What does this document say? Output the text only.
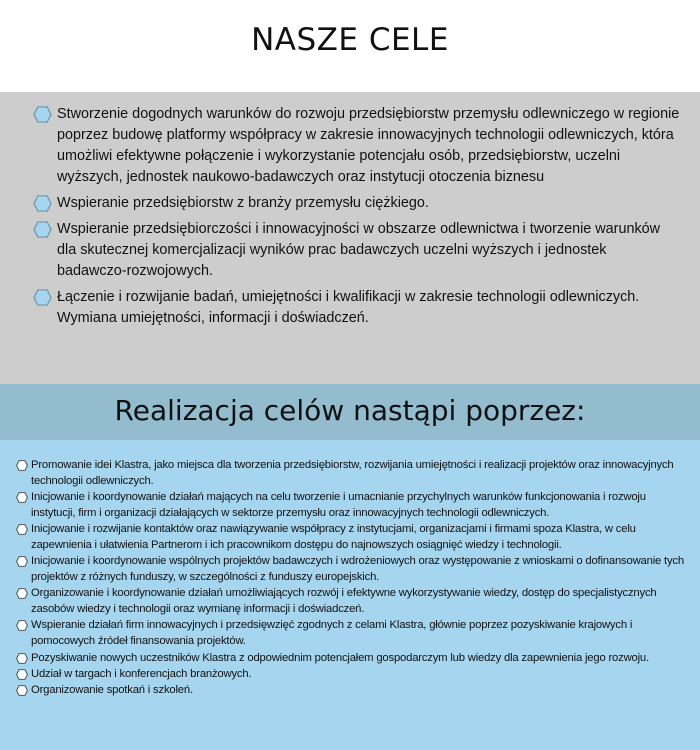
NASZE CELE
Stworzenie dogodnych warunków do rozwoju przedsiębiorstw przemysłu odlewniczego w regionie poprzez budowę platformy współpracy w zakresie innowacyjnych technologii odlewniczych, która umożliwi efektywne połączenie i wykorzystanie potencjału osób, przedsiębiorstw, uczelni wyższych, jednostek naukowo-badawczych oraz instytucji otoczenia biznesu
Wspieranie przedsiębiorstw z branży przemysłu ciężkiego.
Wspieranie przedsiębiorczości i innowacyjności w obszarze odlewnictwa i tworzenie warunków dla skutecznej komercjalizacji wyników prac badawczych uczelni wyższych i jednostek badawczo-rozwojowych.
Łączenie i rozwijanie badań, umiejętności i kwalifikacji w zakresie technologii odlewniczych. Wymiana umiejętności, informacji i doświadczeń.
Realizacja celów nastąpi poprzez:
Promowanie idei Klastra, jako miejsca dla tworzenia przedsiębiorstw, rozwijania umiejętności i realizacji projektów oraz innowacyjnych technologii odlewniczych.
Inicjowanie i koordynowanie działań mających na celu tworzenie i umacnianie przychylnych warunków funkcjonowania i rozwoju instytucji, firm i organizacji działających w sektorze przemysłu oraz innowacyjnych technologii odlewniczych.
Inicjowanie i rozwijanie kontaktów oraz nawiązywanie współpracy z instytucjami, organizacjami i firmami spoza Klastra, w celu zapewnienia i ułatwienia Partnerom i ich pracownikom dostępu do najnowszych osiągnięć wiedzy i technologii.
Inicjowanie i koordynowanie wspólnych projektów badawczych i wdrożeniowych oraz występowanie z wnioskami o dofinansowanie tych projektów z różnych funduszy, w szczególności z funduszy europejskich.
Organizowanie i koordynowanie działań umożliwiających rozwój i efektywne wykorzystywanie wiedzy, dostęp do specjalistycznych zasobów wiedzy i technologii oraz wymianę informacji i doświadczeń.
Wspieranie działań firm innowacyjnych i przedsięwzięć zgodnych z celami Klastra, głównie poprzez pozyskiwanie krajowych i pomocowych źródeł finansowania projektów.
Pozyskiwanie nowych uczestników Klastra z odpowiednim potencjałem gospodarczym lub wiedzy dla zapewnienia jego rozwoju.
Udział w targach i konferencjach branżowych.
Organizowanie spotkań i szkoleń.
